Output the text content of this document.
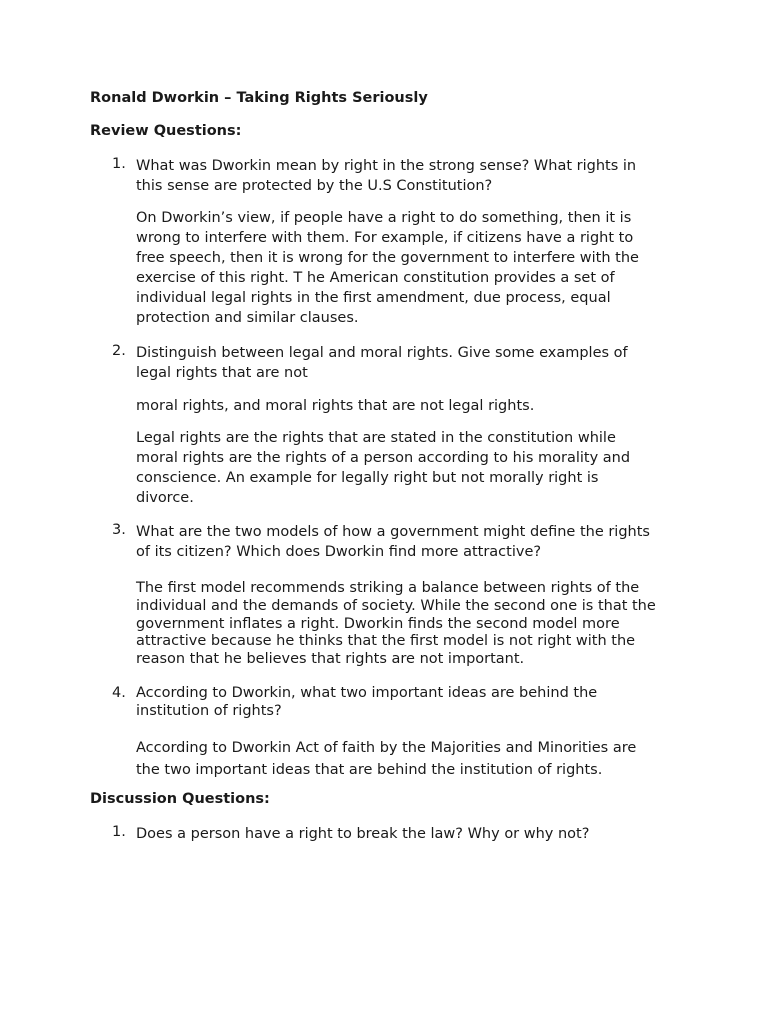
Ronald Dworkin – Taking Rights Seriously

Review Questions:

1. What was Dworkin mean by right in the strong sense? What rights in
this sense are protected by the U.S Constitution?
On Dworkin’s view, if people have a right to do something, then it is
wrong to interfere with them. For example, if citizens have a right to
free speech, then it is wrong for the government to interfere with the
exercise of this right. T he American constitution provides a set of
individual legal rights in the first amendment, due process, equal
protection and similar clauses.
2. Distinguish between legal and moral rights. Give some examples of
legal rights that are not
moral rights, and moral rights that are not legal rights.
Legal rights are the rights that are stated in the constitution while
moral rights are the rights of a person according to his morality and
conscience. An example for legally right but not morally right is
divorce.
3. What are the two models of how a government might define the rights
of its citizen? Which does Dworkin find more attractive?
The first model recommends striking a balance between rights of the
individual and the demands of society. While the second one is that the
government inflates a right. Dworkin finds the second model more
attractive because he thinks that the first model is not right with the
reason that he believes that rights are not important.
4. According to Dworkin, what two important ideas are behind the
institution of rights?
According to Dworkin Act of faith by the Majorities and Minorities are
the two important ideas that are behind the institution of rights.

Discussion Questions:

1. Does a person have a right to break the law? Why or why not?
